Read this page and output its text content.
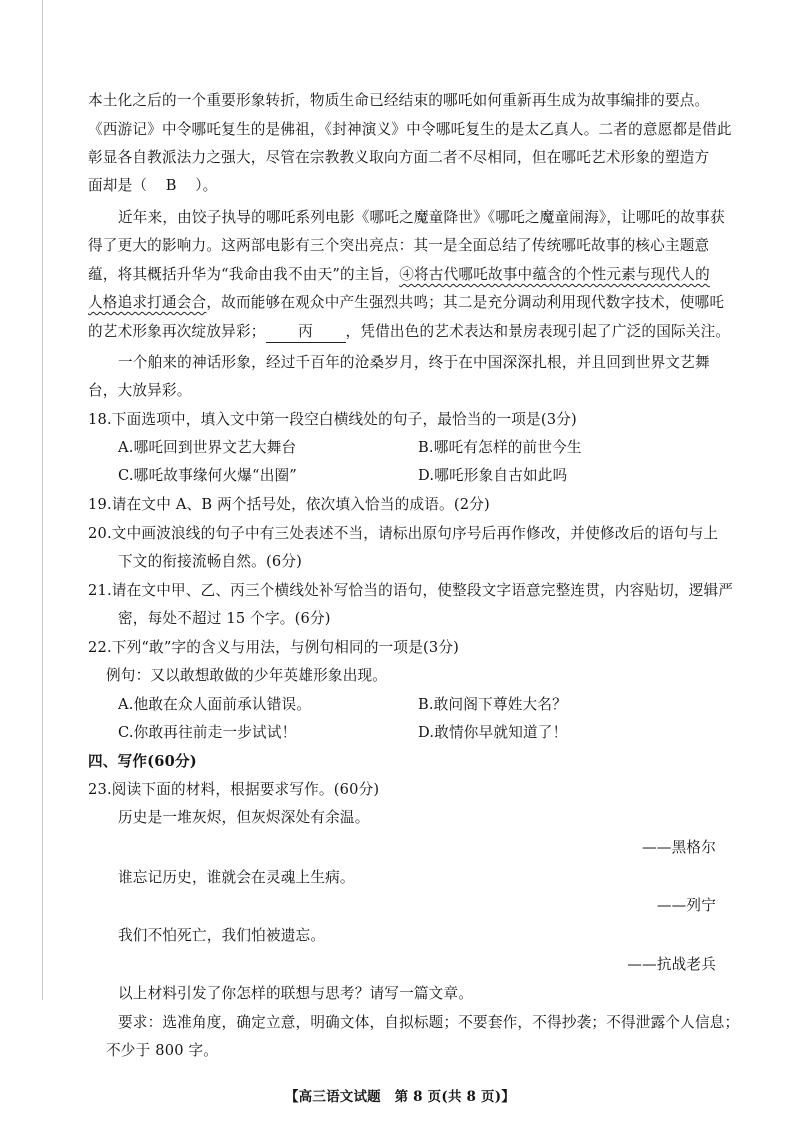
本土化之后的一个重要形象转折，物质生命已经结束的哪吒如何重新再生成为故事编排的要点。
《西游记》中令哪吒复生的是佛祖，《封神演义》中令哪吒复生的是太乙真人。二者的意愿都是借此
彰显各自教派法力之强大，尽管在宗教教义取向方面二者不尽相同，但在哪吒艺术形象的塑造方
面却是（ B ）。
近年来，由饺子执导的哪吒系列电影《哪吒之魔童降世》《哪吒之魔童闹海》，让哪吒的故事获
得了更大的影响力。这两部电影有三个突出亮点：其一是全面总结了传统哪吒故事的核心主题意
蕴，将其概括升华为“我命由我不由天”的主旨，④将古代哪吒故事中蕴含的个性元素与现代人的
人格追求打通会合，故而能够在观众中产生强烈共鸣；其二是充分调动利用现代数字技术，使哪吒
的艺术形象再次绽放异彩； 丙 ，凭借出色的艺术表达和景房表现引起了广泛的国际关注。
一个舶来的神话形象，经过千百年的沧桑岁月，终于在中国深深扎根，并且回到世界文艺舞
台，大放异彩。
18.下面选项中，填入文中第一段空白横线处的句子，最恰当的一项是(3分)
A.哪吒回到世界文艺大舞台	B.哪吒有怎样的前世今生
C.哪吒故事缘何火爆“出圈”	D.哪吒形象自古如此吗
19.请在文中 A、B 两个括号处，依次填入恰当的成语。(2分)
20.文中画波浪线的句子中有三处表述不当，请标出原句序号后再作修改，并使修改后的语句与上
下文的衔接流畅自然。(6分)
21.请在文中甲、乙、丙三个横线处补写恰当的语句，使整段文字语意完整连贯，内容贴切，逻辑严
密，每处不超过 15 个字。(6分)
22.下列“敢”字的含义与用法，与例句相同的一项是(3分)
例句：又以敢想敢做的少年英雄形象出现。
A.他敢在众人面前承认错误。	B.敢问阁下尊姓大名？
C.你敢再往前走一步试试！	D.敢情你早就知道了！
四、写作(60分)
23.阅读下面的材料，根据要求写作。(60分)
历史是一堆灰烬，但灰烬深处有余温。
——黑格尔
谁忘记历史，谁就会在灵魂上生病。
——列宁
我们不怕死亡，我们怕被遗忘。
——抗战老兵
以上材料引发了你怎样的联想与思考？请写一篇文章。
要求：选准角度，确定立意，明确文体，自拟标题；不要套作，不得抄袭；不得泄露个人信息；
不少于 800 字。
【高三语文试题　第 8 页(共 8 页)】
